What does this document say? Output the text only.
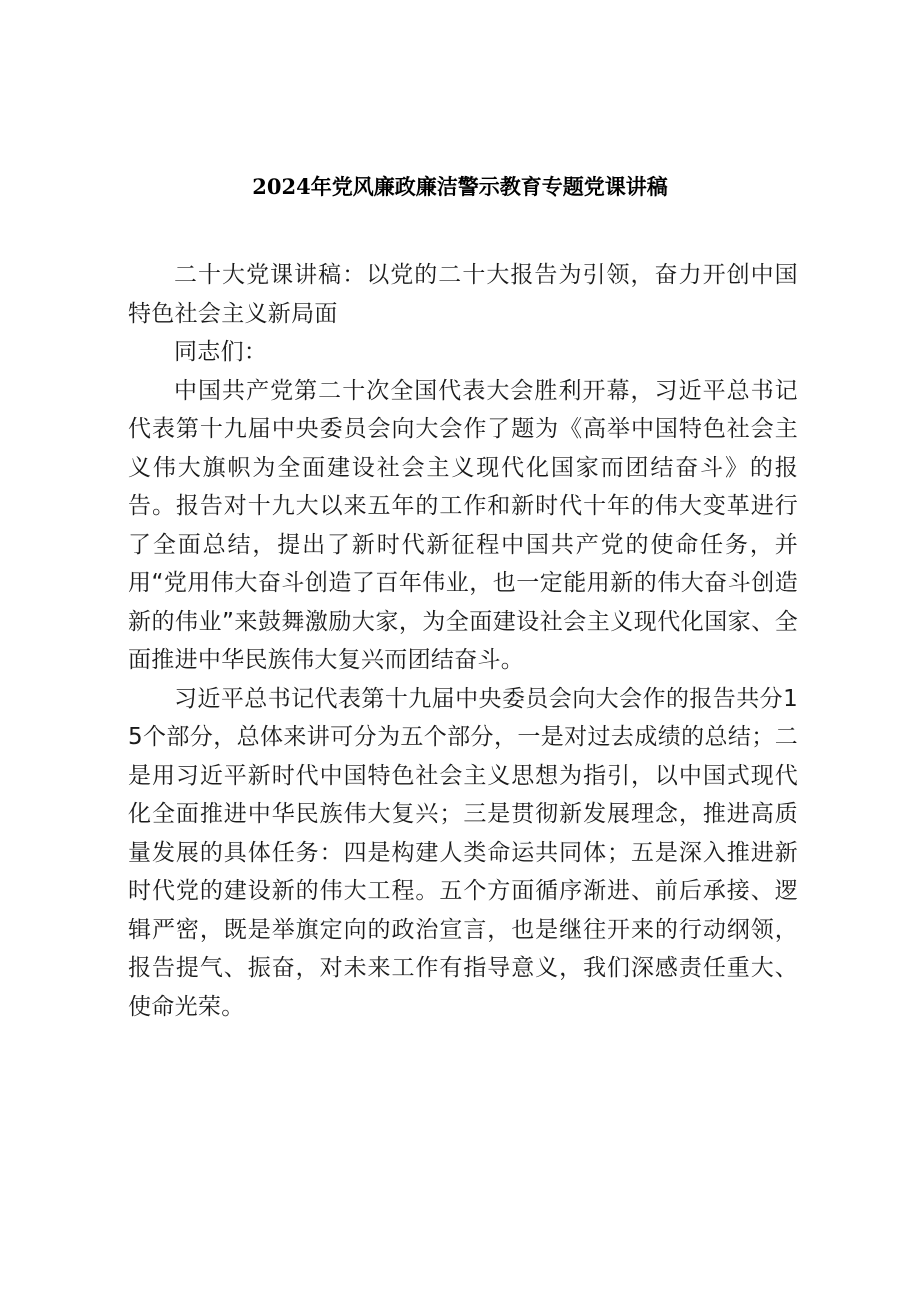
2024年党风廉政廉洁警示教育专题党课讲稿

二十大党课讲稿：以党的二十大报告为引领，奋力开创中国特色社会主义新局面

同志们：

中国共产党第二十次全国代表大会胜利开幕，习近平总书记代表第十九届中央委员会向大会作了题为《高举中国特色社会主义伟大旗帜为全面建设社会主义现代化国家而团结奋斗》的报告。报告对十九大以来五年的工作和新时代十年的伟大变革进行了全面总结，提出了新时代新征程中国共产党的使命任务，并用“党用伟大奋斗创造了百年伟业，也一定能用新的伟大奋斗创造新的伟业”来鼓舞激励大家，为全面建设社会主义现代化国家、全面推进中华民族伟大复兴而团结奋斗。

习近平总书记代表第十九届中央委员会向大会作的报告共分15个部分，总体来讲可分为五个部分，一是对过去成绩的总结；二是用习近平新时代中国特色社会主义思想为指引，以中国式现代化全面推进中华民族伟大复兴；三是贯彻新发展理念，推进高质量发展的具体任务：四是构建人类命运共同体；五是深入推进新时代党的建设新的伟大工程。五个方面循序渐进、前后承接、逻辑严密，既是举旗定向的政治宣言，也是继往开来的行动纲领，报告提气、振奋，对未来工作有指导意义，我们深感责任重大、使命光荣。
